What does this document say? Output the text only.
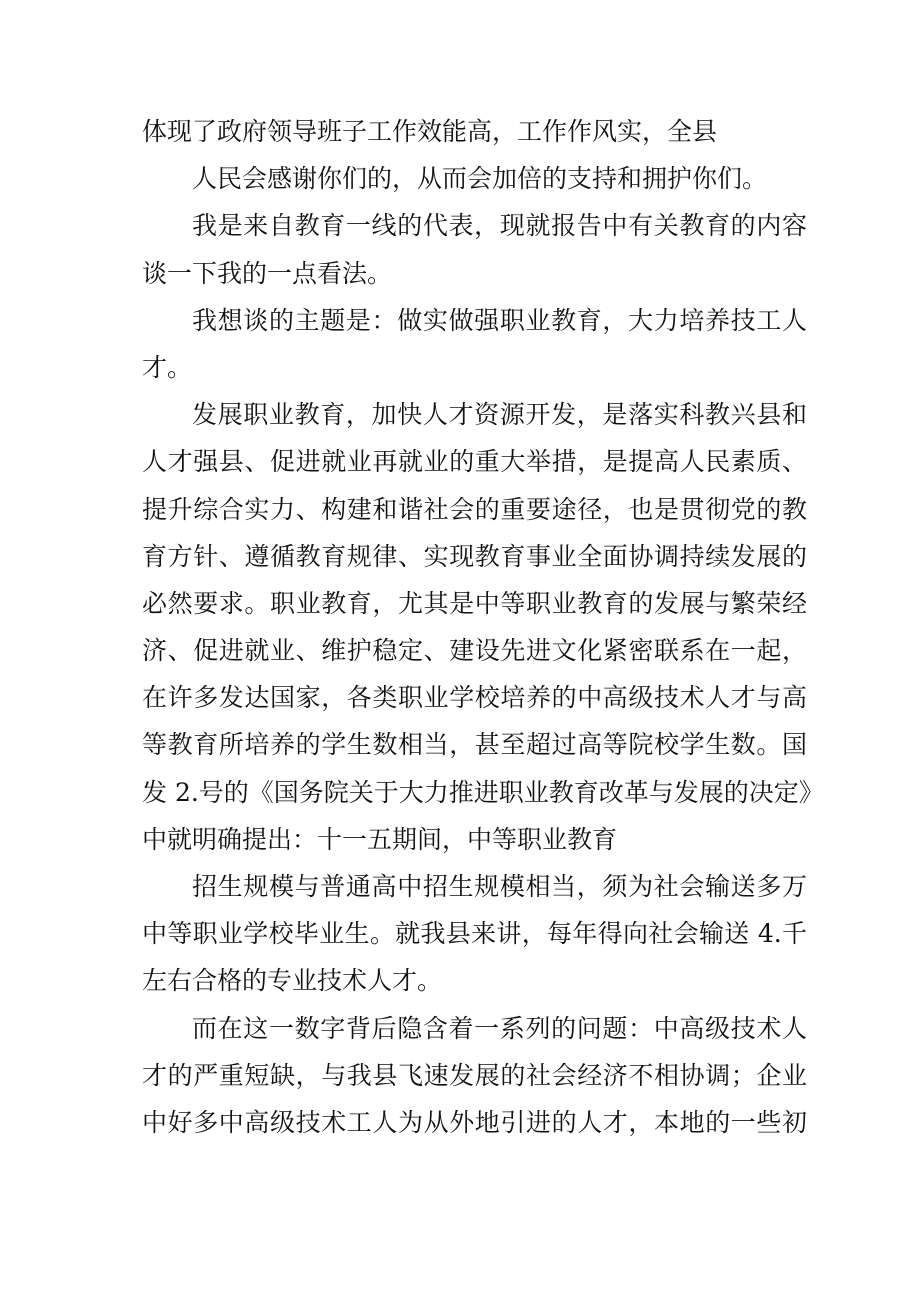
体现了政府领导班子工作效能高，工作作风实，全县
人民会感谢你们的，从而会加倍的支持和拥护你们。
我是来自教育一线的代表，现就报告中有关教育的内容
谈一下我的一点看法。
我想谈的主题是：做实做强职业教育，大力培养技工人
才。
发展职业教育，加快人才资源开发，是落实科教兴县和
人才强县、促进就业再就业的重大举措，是提高人民素质、
提升综合实力、构建和谐社会的重要途径，也是贯彻党的教
育方针、遵循教育规律、实现教育事业全面协调持续发展的
必然要求。职业教育，尤其是中等职业教育的发展与繁荣经
济、促进就业、维护稳定、建设先进文化紧密联系在一起，
在许多发达国家，各类职业学校培养的中高级技术人才与高
等教育所培养的学生数相当，甚至超过高等院校学生数。国
发 2.号的《国务院关于大力推进职业教育改革与发展的决定》
中就明确提出：十一五期间，中等职业教育
招生规模与普通高中招生规模相当，须为社会输送多万
中等职业学校毕业生。就我县来讲，每年得向社会输送 4.千
左右合格的专业技术人才。
而在这一数字背后隐含着一系列的问题：中高级技术人
才的严重短缺，与我县飞速发展的社会经济不相协调；企业
中好多中高级技术工人为从外地引进的人才，本地的一些初
